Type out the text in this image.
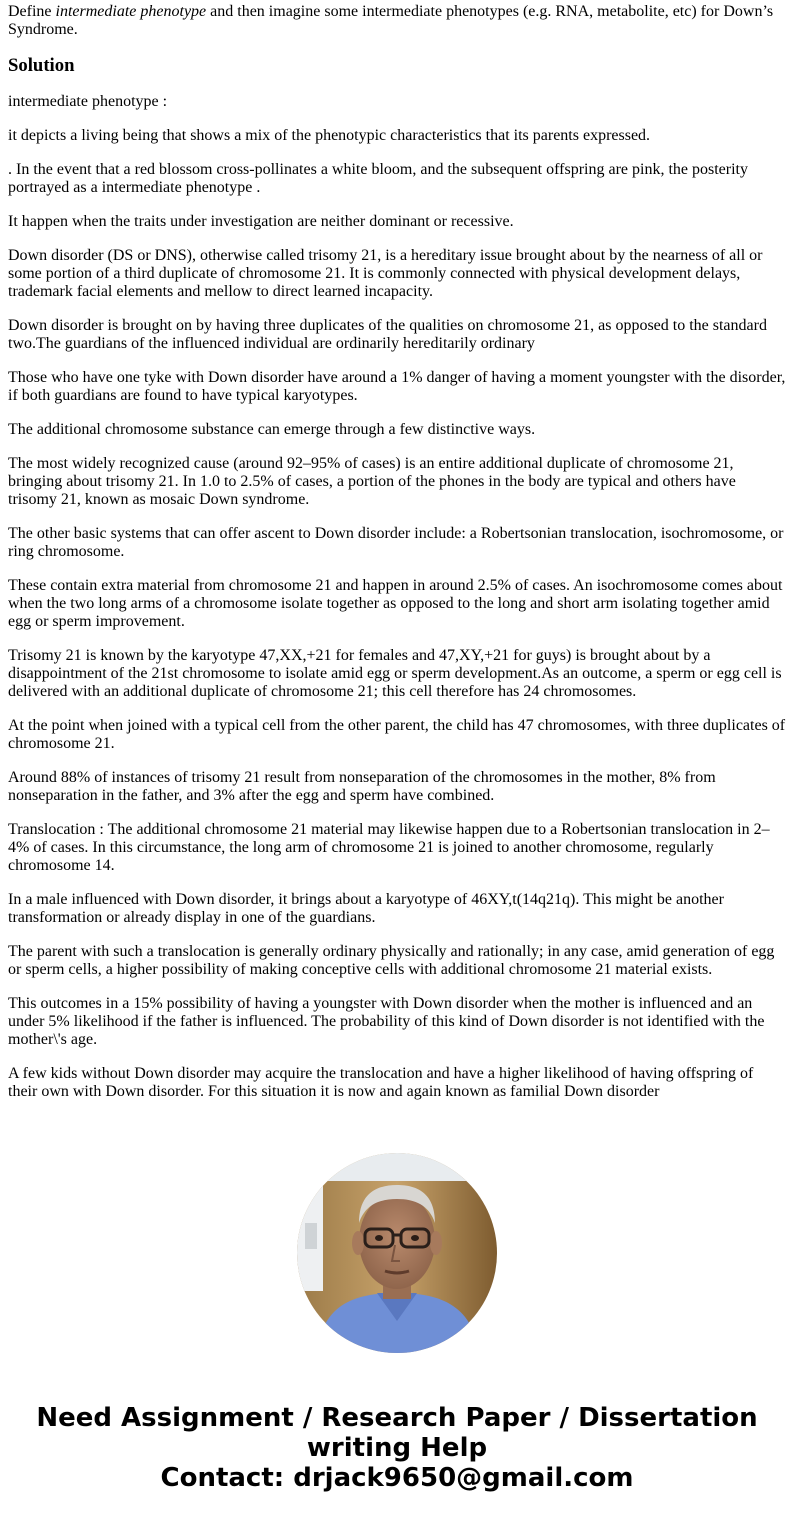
Define intermediate phenotype and then imagine some intermediate phenotypes (e.g. RNA, metabolite, etc) for Down’s Syndrome.

Solution

intermediate phenotype :

it depicts a living being that shows a mix of the phenotypic characteristics that its parents expressed.

. In the event that a red blossom cross-pollinates a white bloom, and the subsequent offspring are pink, the posterity portrayed as a intermediate phenotype .

It happen when the traits under investigation are neither dominant or recessive.

Down disorder (DS or DNS), otherwise called trisomy 21, is a hereditary issue brought about by the nearness of all or some portion of a third duplicate of chromosome 21. It is commonly connected with physical development delays, trademark facial elements and mellow to direct learned incapacity.

Down disorder is brought on by having three duplicates of the qualities on chromosome 21, as opposed to the standard two.The guardians of the influenced individual are ordinarily hereditarily ordinary

Those who have one tyke with Down disorder have around a 1% danger of having a moment youngster with the disorder, if both guardians are found to have typical karyotypes.

The additional chromosome substance can emerge through a few distinctive ways.

The most widely recognized cause (around 92–95% of cases) is an entire additional duplicate of chromosome 21, bringing about trisomy 21. In 1.0 to 2.5% of cases, a portion of the phones in the body are typical and others have trisomy 21, known as mosaic Down syndrome.

The other basic systems that can offer ascent to Down disorder include: a Robertsonian translocation, isochromosome, or ring chromosome.

These contain extra material from chromosome 21 and happen in around 2.5% of cases. An isochromosome comes about when the two long arms of a chromosome isolate together as opposed to the long and short arm isolating together amid egg or sperm improvement.

Trisomy 21 is known by the karyotype 47,XX,+21 for females and 47,XY,+21 for guys) is brought about by a disappointment of the 21st chromosome to isolate amid egg or sperm development.As an outcome, a sperm or egg cell is delivered with an additional duplicate of chromosome 21; this cell therefore has 24 chromosomes.

At the point when joined with a typical cell from the other parent, the child has 47 chromosomes, with three duplicates of chromosome 21.

Around 88% of instances of trisomy 21 result from nonseparation of the chromosomes in the mother, 8% from nonseparation in the father, and 3% after the egg and sperm have combined.

Translocation : The additional chromosome 21 material may likewise happen due to a Robertsonian translocation in 2–4% of cases. In this circumstance, the long arm of chromosome 21 is joined to another chromosome, regularly chromosome 14.

In a male influenced with Down disorder, it brings about a karyotype of 46XY,t(14q21q). This might be another transformation or already display in one of the guardians.

The parent with such a translocation is generally ordinary physically and rationally; in any case, amid generation of egg or sperm cells, a higher possibility of making conceptive cells with additional chromosome 21 material exists.

This outcomes in a 15% possibility of having a youngster with Down disorder when the mother is influenced and an under 5% likelihood if the father is influenced. The probability of this kind of Down disorder is not identified with the mother\'s age.

A few kids without Down disorder may acquire the translocation and have a higher likelihood of having offspring of their own with Down disorder. For this situation it is now and again known as familial Down disorder

Need Assignment / Research Paper / Dissertation
writing Help
Contact: drjack9650@gmail.com
